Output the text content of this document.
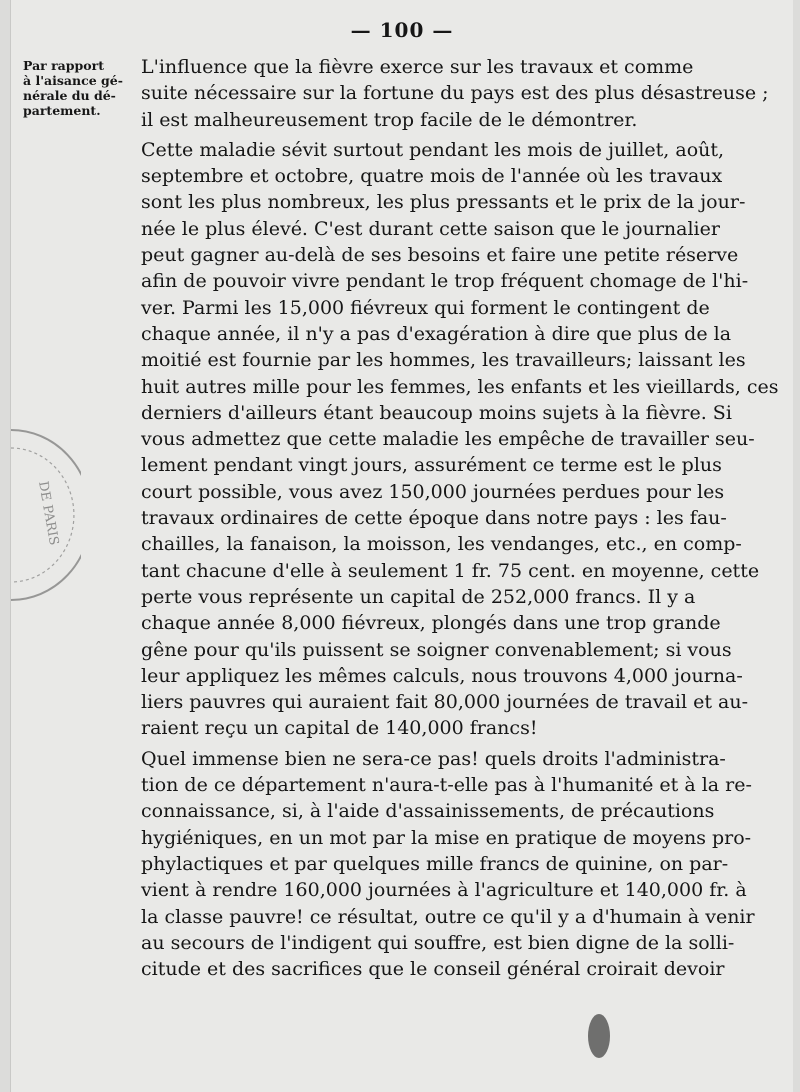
— 100 —
Par rapport
à l'aisance gé-
nérale du dé-
partement.

L'influence que la fièvre exerce sur les travaux et comme
suite nécessaire sur la fortune du pays est des plus désastreuse ;
il est malheureusement trop facile de le démontrer.

Cette maladie sévit surtout pendant les mois de juillet, août,
septembre et octobre, quatre mois de l'année où les travaux
sont les plus nombreux, les plus pressants et le prix de la jour-
née le plus élevé. C'est durant cette saison que le journalier
peut gagner au-delà de ses besoins et faire une petite réserve
afin de pouvoir vivre pendant le trop fréquent chomage de l'hi-
ver. Parmi les 15,000 fiévreux qui forment le contingent de
chaque année, il n'y a pas d'exagération à dire que plus de la
moitié est fournie par les hommes, les travailleurs; laissant les
huit autres mille pour les femmes, les enfants et les vieillards, ces
derniers d'ailleurs étant beaucoup moins sujets à la fièvre. Si
vous admettez que cette maladie les empêche de travailler seu-
lement pendant vingt jours, assurément ce terme est le plus
court possible, vous avez 150,000 journées perdues pour les
travaux ordinaires de cette époque dans notre pays : les fau-
chailles, la fanaison, la moisson, les vendanges, etc., en comp-
tant chacune d'elle à seulement 1 fr. 75 cent. en moyenne, cette
perte vous représente un capital de 252,000 francs. Il y a
chaque année 8,000 fiévreux, plongés dans une trop grande
gêne pour qu'ils puissent se soigner convenablement; si vous
leur appliquez les mêmes calculs, nous trouvons 4,000 journa-
liers pauvres qui auraient fait 80,000 journées de travail et au-
raient reçu un capital de 140,000 francs!

Quel immense bien ne sera-ce pas! quels droits l'administra-
tion de ce département n'aura-t-elle pas à l'humanité et à la re-
connaissance, si, à l'aide d'assainissements, de précautions
hygiéniques, en un mot par la mise en pratique de moyens pro-
phylactiques et par quelques mille francs de quinine, on par-
vient à rendre 160,000 journées à l'agriculture et 140,000 fr. à
la classe pauvre! ce résultat, outre ce qu'il y a d'humain à venir
au secours de l'indigent qui souffre, est bien digne de la solli-
citude et des sacrifices que le conseil général croirait devoir

DE PARIS
